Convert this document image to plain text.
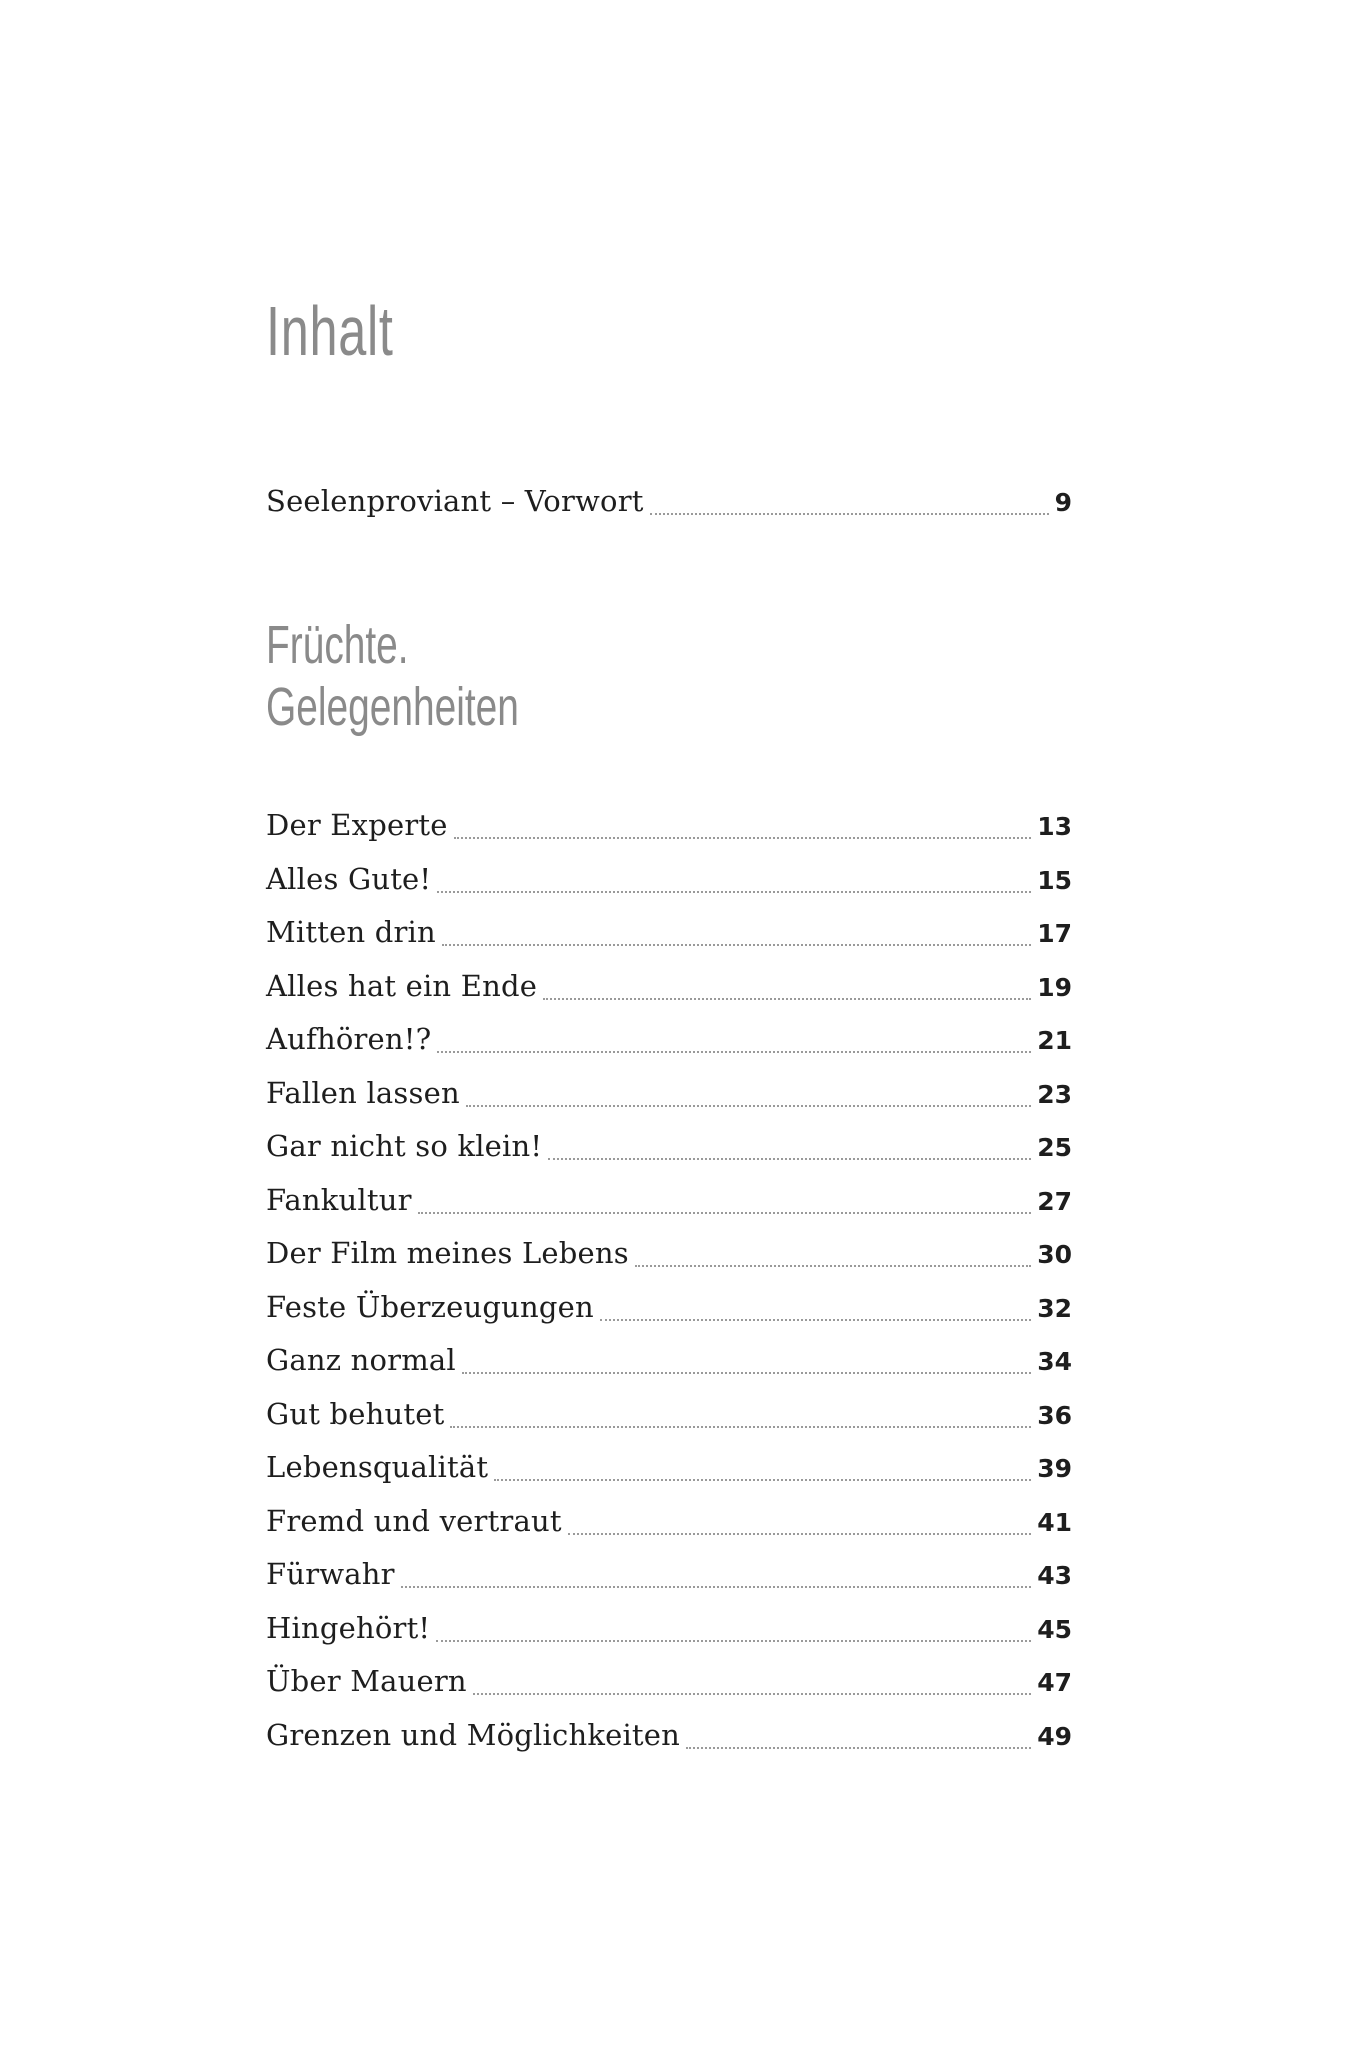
Inhalt
Seelenproviant – Vorwort	9
Früchte.
Gelegenheiten
Der Experte	13
Alles Gute!	15
Mitten drin	17
Alles hat ein Ende	19
Aufhören!?	21
Fallen lassen	23
Gar nicht so klein!	25
Fankultur	27
Der Film meines Lebens	30
Feste Überzeugungen	32
Ganz normal	34
Gut behutet	36
Lebensqualität	39
Fremd und vertraut	41
Fürwahr	43
Hingehört!	45
Über Mauern	47
Grenzen und Möglichkeiten	49
